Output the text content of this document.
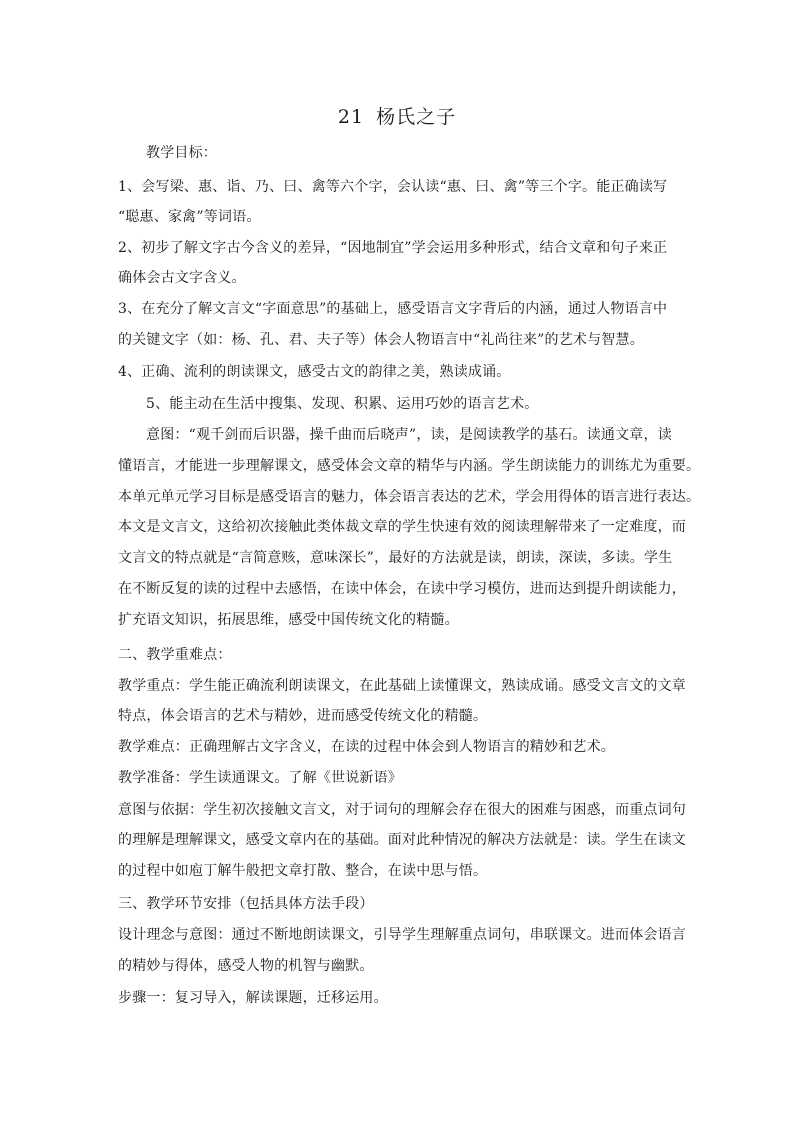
21 杨氏之子
教学目标：
1、会写梁、惠、诣、乃、曰、禽等六个字，会认读“惠、曰、禽”等三个字。能正确读写
“聪惠、家禽”等词语。
2、初步了解文字古今含义的差异，“因地制宜”学会运用多种形式，结合文章和句子来正
确体会古文字含义。
3、在充分了解文言文“字面意思”的基础上，感受语言文字背后的内涵，通过人物语言中
的关键文字（如：杨、孔、君、夫子等）体会人物语言中“礼尚往来”的艺术与智慧。
4、正确、流利的朗读课文，感受古文的韵律之美，熟读成诵。
5、能主动在生活中搜集、发现、积累、运用巧妙的语言艺术。
意图：“观千剑而后识器，操千曲而后晓声”，读，是阅读教学的基石。读通文章，读
懂语言，才能进一步理解课文，感受体会文章的精华与内涵。学生朗读能力的训练尤为重要。
本单元单元学习目标是感受语言的魅力，体会语言表达的艺术，学会用得体的语言进行表达。
本文是文言文，这给初次接触此类体裁文章的学生快速有效的阅读理解带来了一定难度，而
文言文的特点就是“言简意赅，意味深长”，最好的方法就是读，朗读，深读，多读。学生
在不断反复的读的过程中去感悟，在读中体会，在读中学习模仿，进而达到提升朗读能力，
扩充语文知识，拓展思维，感受中国传统文化的精髓。
二、教学重难点：
教学重点：学生能正确流利朗读课文，在此基础上读懂课文，熟读成诵。感受文言文的文章
特点，体会语言的艺术与精妙，进而感受传统文化的精髓。
教学难点：正确理解古文字含义，在读的过程中体会到人物语言的精妙和艺术。
教学准备：学生读通课文。了解《世说新语》
意图与依据：学生初次接触文言文，对于词句的理解会存在很大的困难与困惑，而重点词句
的理解是理解课文，感受文章内在的基础。面对此种情况的解决方法就是：读。学生在读文
的过程中如庖丁解牛般把文章打散、整合，在读中思与悟。
三、教学环节安排（包括具体方法手段）
设计理念与意图：通过不断地朗读课文，引导学生理解重点词句，串联课文。进而体会语言
的精妙与得体，感受人物的机智与幽默。
步骤一：复习导入，解读课题，迁移运用。
